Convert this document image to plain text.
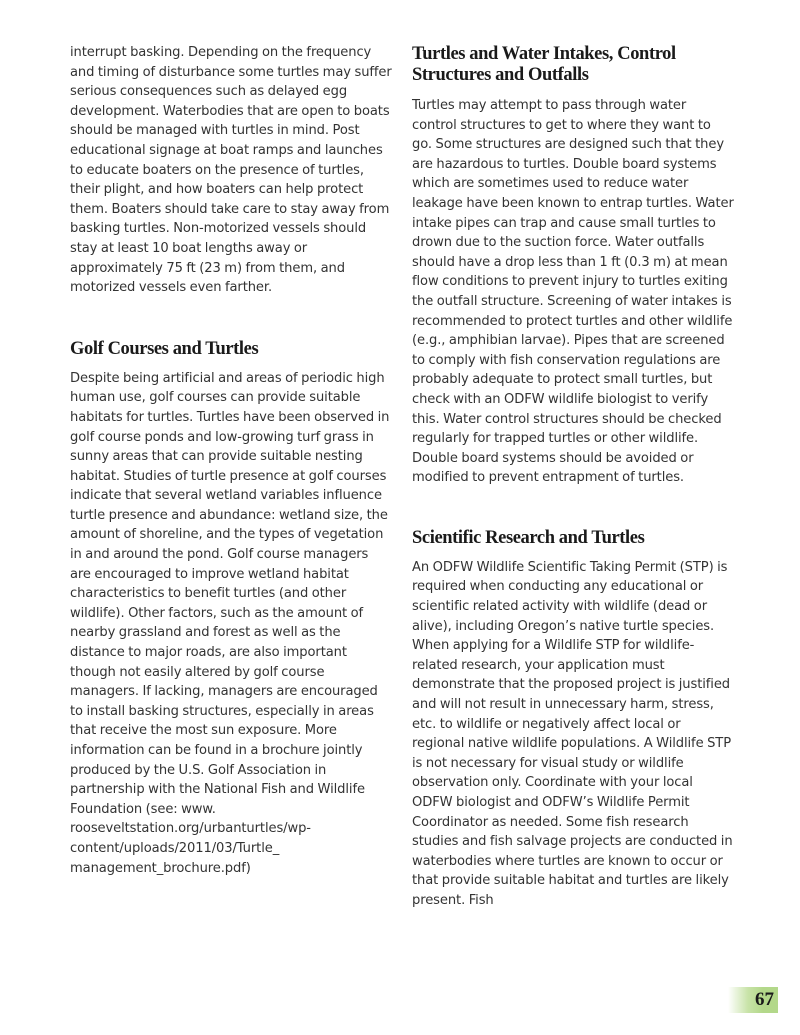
interrupt basking. Depending on the frequency and timing of disturbance some turtles may suffer serious consequences such as delayed egg development. Waterbodies that are open to boats should be managed with turtles in mind. Post educational signage at boat ramps and launches to educate boaters on the presence of turtles, their plight, and how boaters can help protect them. Boaters should take care to stay away from basking turtles. Non-motorized vessels should stay at least 10 boat lengths away or approximately 75 ft (23 m) from them, and motorized vessels even farther.

Golf Courses and Turtles

Despite being artificial and areas of periodic high human use, golf courses can provide suitable habitats for turtles. Turtles have been observed in golf course ponds and low-growing turf grass in sunny areas that can provide suitable nesting habitat. Studies of turtle presence at golf courses indicate that several wetland variables influence turtle presence and abundance: wetland size, the amount of shoreline, and the types of vegetation in and around the pond. Golf course managers are encouraged to improve wetland habitat characteristics to benefit turtles (and other wildlife). Other factors, such as the amount of nearby grassland and forest as well as the distance to major roads, are also important though not easily altered by golf course managers. If lacking, managers are encouraged to install basking structures, especially in areas that receive the most sun exposure. More information can be found in a brochure jointly produced by the U.S. Golf Association in partnership with the National Fish and Wildlife Foundation (see: www. rooseveltstation.org/urbanturtles/wp-content/uploads/2011/03/Turtle_ management_brochure.pdf)

Turtles and Water Intakes, Control Structures and Outfalls

Turtles may attempt to pass through water control structures to get to where they want to go. Some structures are designed such that they are hazardous to turtles. Double board systems which are sometimes used to reduce water leakage have been known to entrap turtles. Water intake pipes can trap and cause small turtles to drown due to the suction force. Water outfalls should have a drop less than 1 ft (0.3 m) at mean flow conditions to prevent injury to turtles exiting the outfall structure. Screening of water intakes is recommended to protect turtles and other wildlife (e.g., amphibian larvae). Pipes that are screened to comply with fish conservation regulations are probably adequate to protect small turtles, but check with an ODFW wildlife biologist to verify this. Water control structures should be checked regularly for trapped turtles or other wildlife. Double board systems should be avoided or modified to prevent entrapment of turtles.

Scientific Research and Turtles

An ODFW Wildlife Scientific Taking Permit (STP) is required when conducting any educational or scientific related activity with wildlife (dead or alive), including Oregon’s native turtle species. When applying for a Wildlife STP for wildlife-related research, your application must demonstrate that the proposed project is justified and will not result in unnecessary harm, stress, etc. to wildlife or negatively affect local or regional native wildlife populations. A Wildlife STP is not necessary for visual study or wildlife observation only. Coordinate with your local ODFW biologist and ODFW’s Wildlife Permit Coordinator as needed. Some fish research studies and fish salvage projects are conducted in waterbodies where turtles are known to occur or that provide suitable habitat and turtles are likely present. Fish

67
